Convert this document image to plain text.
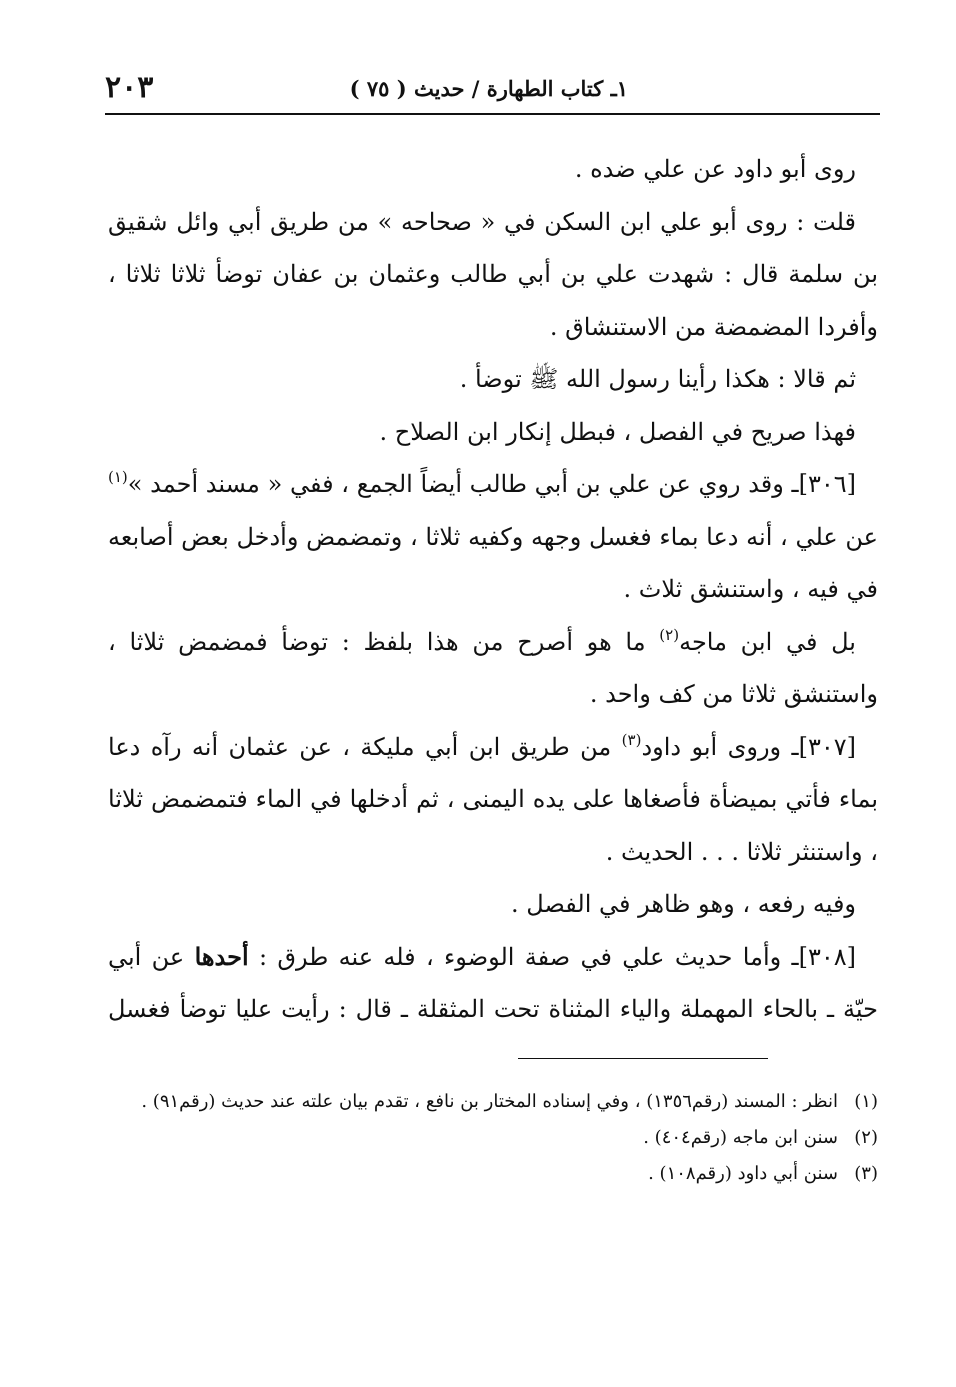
١ـ كتاب الطهارة / حديث ( ٧٥ )
٢٠٣

روى أبو داود عن علي ضده .

قلت : روى أبو علي ابن السكن في « صحاحه » من طريق أبي وائل شقيق بن سلمة قال : شهدت علي بن أبي طالب وعثمان بن عفان توضأ ثلاثا ثلاثا ، وأفردا المضمضة من الاستنشاق .

ثم قالا : هكذا رأينا رسول الله ﷺ توضأ .

فهذا صريح في الفصل ، فبطل إنكار ابن الصلاح .

[٣٠٦]ـ وقد روي عن علي بن أبي طالب أيضاً الجمع ، ففي « مسند أحمد »$^{(١)}$ عن علي ، أنه دعا بماء فغسل وجهه وكفيه ثلاثا ، وتمضمض وأدخل بعض أصابعه في فيه ، واستنشق ثلاث .

بل في ابن ماجه$^{(٢)}$ ما هو أصرح من هذا بلفظ : توضأ فمضمض ثلاثا ، واستنشق ثلاثا من كف واحد .

[٣٠٧]ـ وروى أبو داود$^{(٣)}$ من طريق ابن أبي مليكة ، عن عثمان أنه رآه دعا بماء فأتي بميضأة فأصغاها على يده اليمنى ، ثم أدخلها في الماء فتمضمض ثلاثا ، واستنثر ثلاثا . . . الحديث .

وفيه رفعه ، وهو ظاهر في الفصل .

[٣٠٨]ـ وأما حديث علي في صفة الوضوء ، فله عنه طرق : أحدها عن أبي حيّة ـ بالحاء المهملة والياء المثناة تحت المثقلة ـ قال : رأيت عليا توضأ فغسل

(١)
انظر : المسند (رقم١٣٥٦) ، وفي إسناده المختار بن نافع ، تقدم بيان علته عند حديث (رقم٩١) .
(٢)
سنن ابن ماجه (رقم٤٠٤) .
(٣)
سنن أبي داود (رقم١٠٨) .
